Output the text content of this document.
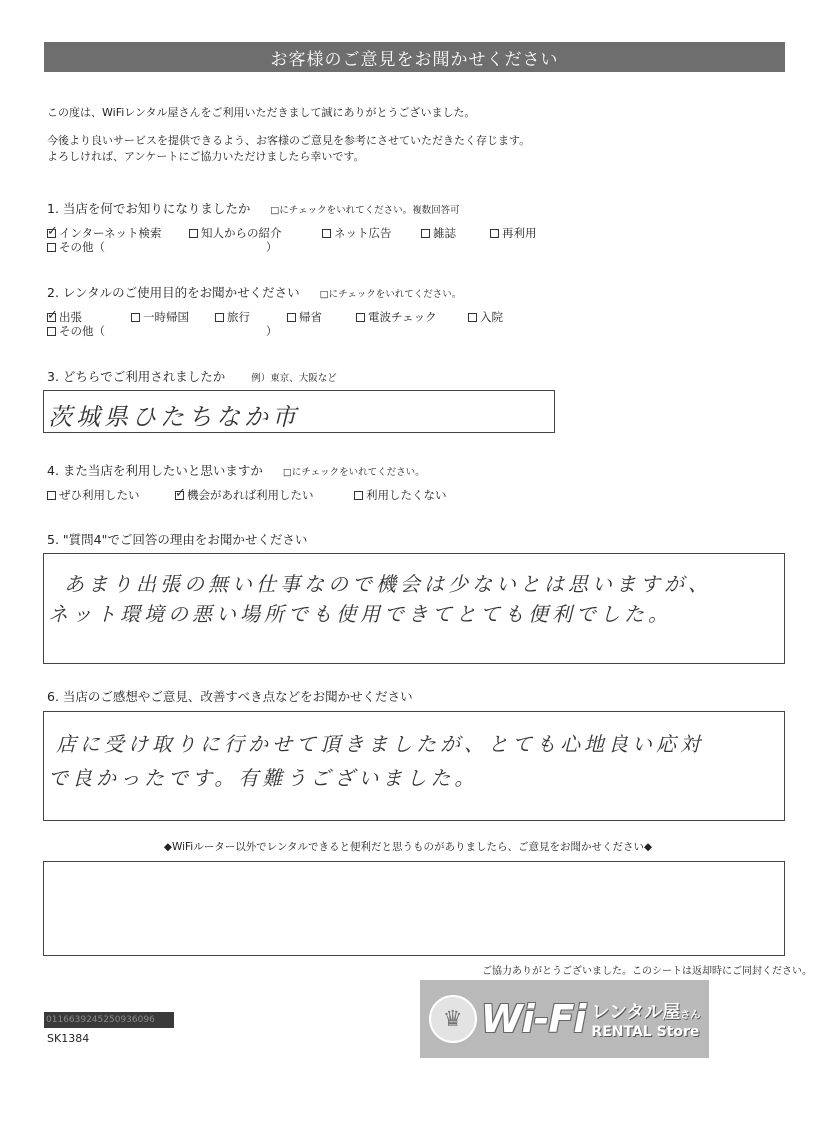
お客様のご意見をお聞かせください
この度は、WiFiレンタル屋さんをご利用いただきまして誠にありがとうございました。
今後より良いサービスを提供できるよう、お客様のご意見を参考にさせていただきたく存じます。
よろしければ、アンケートにご協力いただけましたら幸いです。
1. 当店を何でお知りになりましたか □にチェックをいれてください。複数回答可
✓ インターネット検索	知人からの紹介	ネット広告	雑誌	再利用
その他（                                            ）
2. レンタルのご使用目的をお聞かせください □にチェックをいれてください。
✓ 出張	一時帰国	旅行	帰省	電波チェック	入院
その他（                                            ）
3. どちらでご利用されましたか	例）東京、大阪など
茨城県ひたちなか市
4. また当店を利用したいと思いますか □にチェックをいれてください。
ぜひ利用したい	✓ 機会があれば利用したい	利用したくない
5. "質問4"でご回答の理由をお聞かせください
あまり出張の無い仕事なので機会は少ないとは思いますが、
ネット環境の悪い場所でも使用できてとても便利でした。
6. 当店のご感想やご意見、改善すべき点などをお聞かせください
店に受け取りに行かせて頂きましたが、とても心地良い応対
で良かったです。有難うございました。
◆WiFiルーター以外でレンタルできると便利だと思うものがありましたら、ご意見をお聞かせください◆
ご協力ありがとうございました。このシートは返却時にご同封ください。
♛ Wi-Fi レンタル屋さん
RENTAL Store
0116639245250936096
SK1384
